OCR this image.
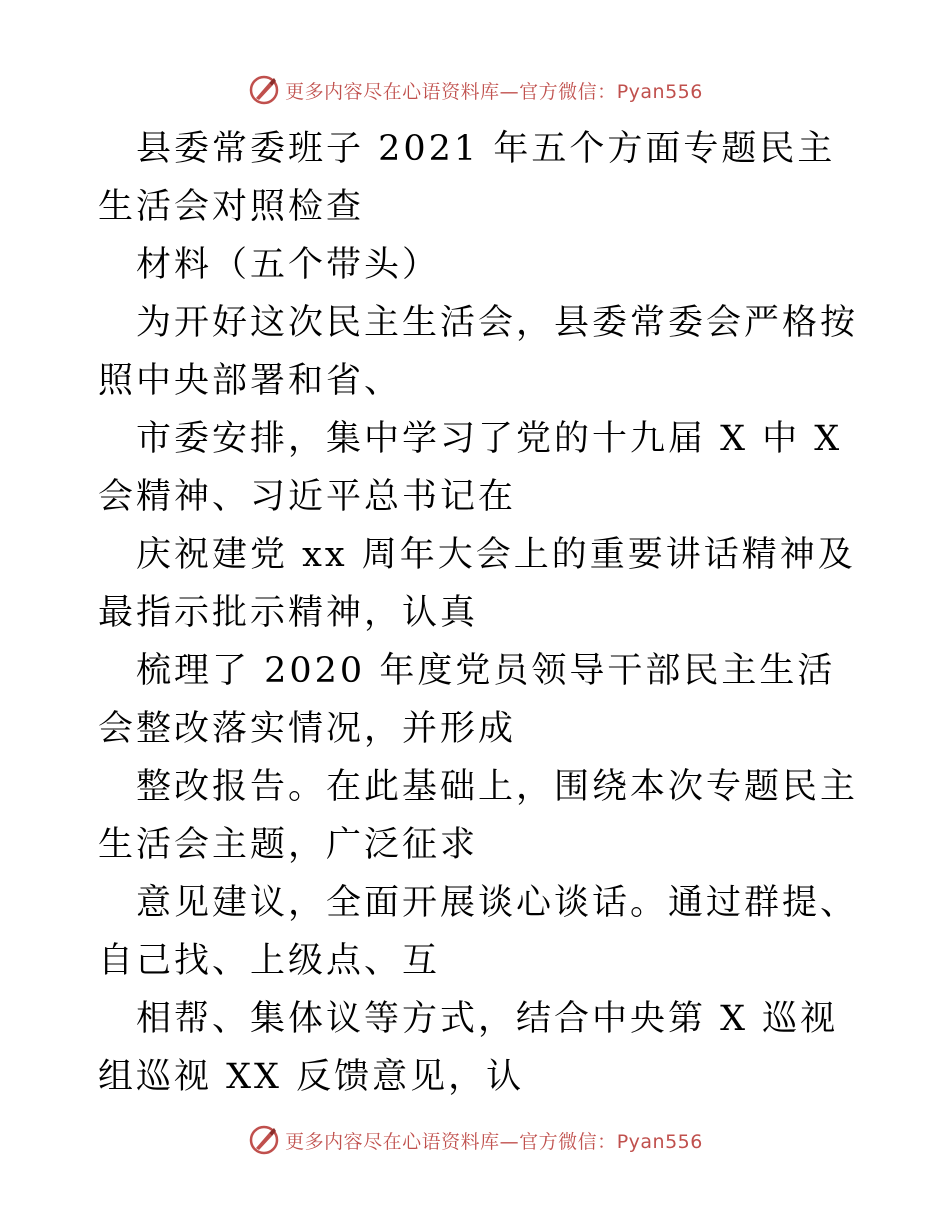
更多内容尽在心语资料库—官方微信：Pyan556

县委常委班子 2021 年五个方面专题民主生活会对照检查

材料（五个带头）

为开好这次民主生活会，县委常委会严格按照中央部署和省、

市委安排，集中学习了党的十九届 X 中 X 会精神、习近平总书记在

庆祝建党 xx 周年大会上的重要讲话精神及最指示批示精神，认真

梳理了 2020 年度党员领导干部民主生活会整改落实情况，并形成

整改报告。在此基础上，围绕本次专题民主生活会主题，广泛征求

意见建议，全面开展谈心谈话。通过群提、自己找、上级点、互

相帮、集体议等方式，结合中央第 X 巡视组巡视 XX 反馈意见，认

更多内容尽在心语资料库—官方微信：Pyan556
